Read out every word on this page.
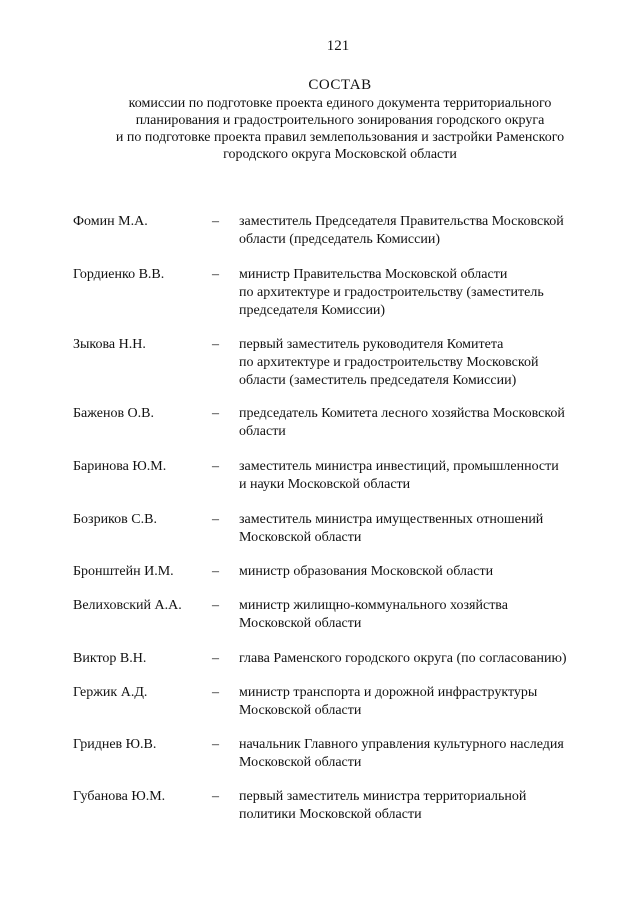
121
СОСТАВ
комиссии по подготовке проекта единого документа территориального
планирования и градостроительного зонирования городского округа
и по подготовке проекта правил землепользования и застройки Раменского
городского округа Московской области
Фомин М.А.	–	заместитель Председателя Правительства Московской
области (председатель Комиссии)
Гордиенко В.В.	–	министр Правительства Московской области
по архитектуре и градостроительству (заместитель
председателя Комиссии)
Зыкова Н.Н.	–	первый заместитель руководителя Комитета
по архитектуре и градостроительству Московской
области (заместитель председателя Комиссии)
Баженов О.В.	–	председатель Комитета лесного хозяйства Московской
области
Баринова Ю.М.	–	заместитель министра инвестиций, промышленности
и науки Московской области
Бозриков С.В.	–	заместитель министра имущественных отношений
Московской области
Бронштейн И.М.	–	министр образования Московской области
Велиховский А.А.	–	министр жилищно-коммунального хозяйства
Московской области
Виктор В.Н.	–	глава Раменского городского округа (по согласованию)
Гержик А.Д.	–	министр транспорта и дорожной инфраструктуры
Московской области
Гриднев Ю.В.	–	начальник Главного управления культурного наследия
Московской области
Губанова Ю.М.	–	первый заместитель министра территориальной
политики Московской области
